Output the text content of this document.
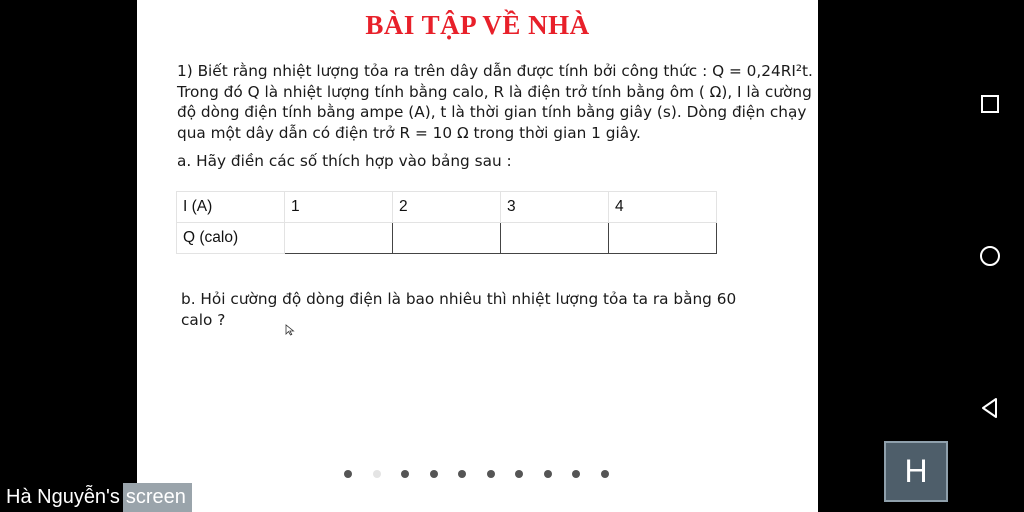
BÀI TẬP VỀ NHÀ
1) Biết rằng nhiệt lượng tỏa ra trên dây dẫn được tính bởi công thức : Q = 0,24RI²t. Trong đó Q là nhiệt lượng tính bằng calo, R là điện trở tính bằng ôm ( Ω), I là cường độ dòng điện tính bằng ampe (A), t là thời gian tính bằng giây (s). Dòng điện chạy qua một dây dẫn có điện trở R = 10 Ω trong thời gian 1 giây.
a. Hãy điền các số thích hợp vào bảng sau :
I (A)	1	2	3	4
Q (calo)				
b. Hỏi cường độ dòng điện là bao nhiêu thì nhiệt lượng tỏa ta ra bằng 60 calo ?
H
Hà Nguyễn's screen
